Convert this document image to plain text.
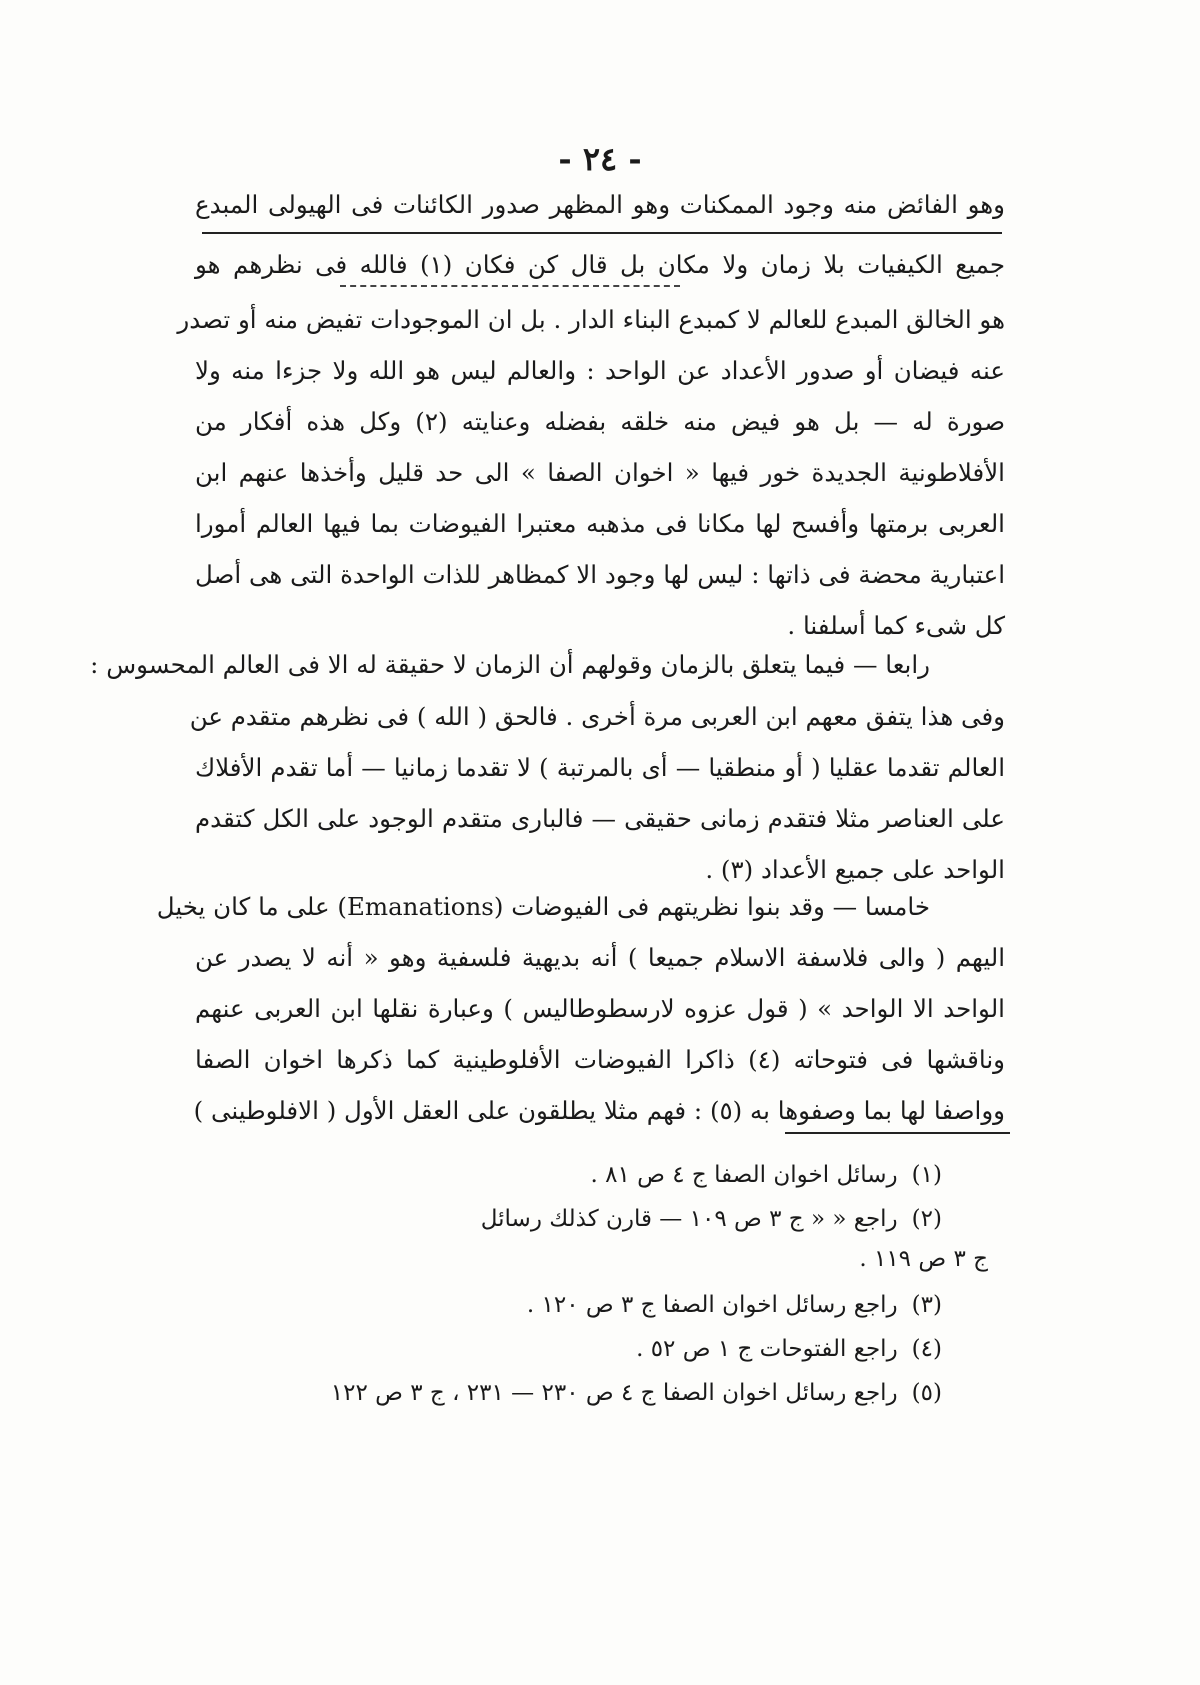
- ٢٤ -
وهو الفائض منه وجود الممكنات وهو المظهر صدور الكائنات فى الهيولى المبدع
جميع الكيفيات بلا زمان ولا مكان بل قال كن فكان (١) فالله فى نظرهم هو
هو الخالق المبدع للعالم لا كمبدع البناء الدار . بل ان الموجودات تفيض منه أو تصدر
عنه فيضان أو صدور الأعداد عن الواحد : والعالم ليس هو الله ولا جزءا منه ولا
صورة له — بل هو فيض منه خلقه بفضله وعنايته (٢) وكل هذه أفكار من
الأفلاطونية الجديدة خور فيها « اخوان الصفا » الى حد قليل وأخذها عنهم ابن
العربى برمتها وأفسح لها مكانا فى مذهبه معتبرا الفيوضات بما فيها العالم أمورا
اعتبارية محضة فى ذاتها : ليس لها وجود الا كمظاهر للذات الواحدة التى هى أصل
كل شىء كما أسلفنا .
رابعا — فيما يتعلق بالزمان وقولهم أن الزمان لا حقيقة له الا فى العالم المحسوس :
وفى هذا يتفق معهم ابن العربى مرة أخرى . فالحق ( الله ) فى نظرهم متقدم عن
العالم تقدما عقليا ( أو منطقيا — أى بالمرتبة ) لا تقدما زمانيا — أما تقدم الأفلاك
على العناصر مثلا فتقدم زمانى حقيقى — فالبارى متقدم الوجود على الكل كتقدم
الواحد على جميع الأعداد (٣) .
خامسا — وقد بنوا نظريتهم فى الفيوضات (Emanations) على ما كان يخيل
اليهم ( والى فلاسفة الاسلام جميعا ) أنه بديهية فلسفية وهو « أنه لا يصدر عن
الواحد الا الواحد » ( قول عزوه لارسطوطاليس ) وعبارة نقلها ابن العربى عنهم
وناقشها فى فتوحاته (٤) ذاكرا الفيوضات الأفلوطينية كما ذكرها اخوان الصفا
وواصفا لها بما وصفوها به (٥) : فهم مثلا يطلقون على العقل الأول ( الافلوطينى )
(١)رسائل اخوان الصفا ج ٤ ص ٨١ .
(٢)راجع « « ج ٣ ص ١٠٩ — قارن كذلك رسائل
ج ٣ ص ١١٩ .
(٣)راجع رسائل اخوان الصفا ج ٣ ص ١٢٠ .
(٤)راجع الفتوحات ج ١ ص ٥٢ .
(٥)راجع رسائل اخوان الصفا ج ٤ ص ٢٣٠ — ٢٣١ ، ج ٣ ص ١٢٢
